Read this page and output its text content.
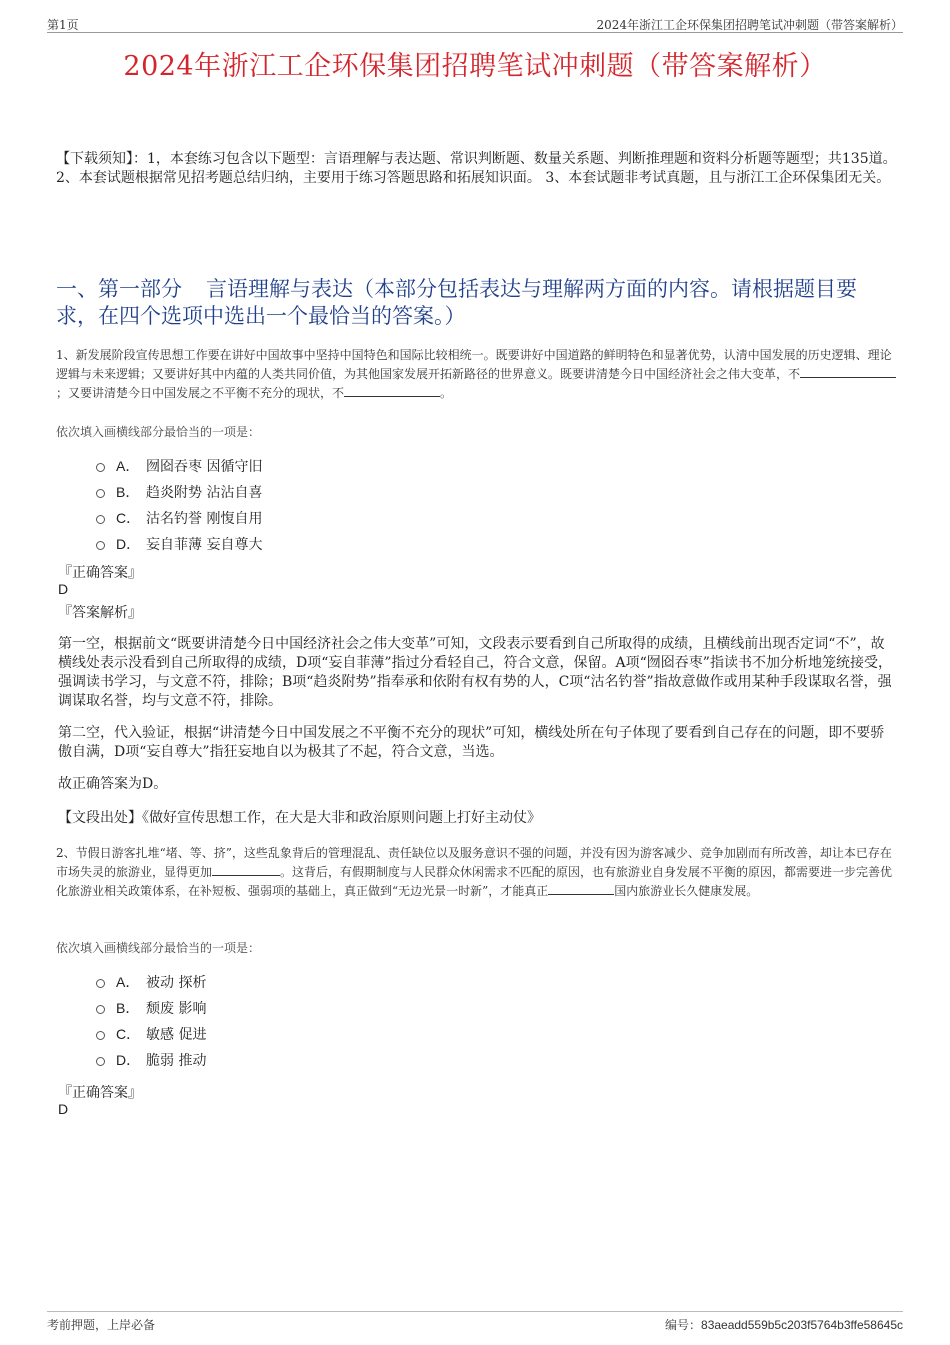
第1页	2024年浙江工企环保集团招聘笔试冲刺题（带答案解析）
2024年浙江工企环保集团招聘笔试冲刺题（带答案解析）
【下载须知】：1，本套练习包含以下题型：言语理解与表达题、常识判断题、数量关系题、判断推理题和资料分析题等题型；共135道。 2、本套试题根据常见招考题总结归纳，主要用于练习答题思路和拓展知识面。 3、本套试题非考试真题，且与浙江工企环保集团无关。
一、第一部分 言语理解与表达（本部分包括表达与理解两方面的内容。请根据题目要求，在四个选项中选出一个最恰当的答案。）
1、新发展阶段宣传思想工作要在讲好中国故事中坚持中国特色和国际比较相统一。既要讲好中国道路的鲜明特色和显著优势，认清中国发展的历史逻辑、理论逻辑与未来逻辑；又要讲好其中内蕴的人类共同价值，为其他国家发展开拓新路径的世界意义。既要讲清楚今日中国经济社会之伟大变革，不；又要讲清楚今日中国发展之不平衡不充分的现状，不	。
依次填入画横线部分最恰当的一项是：
A． 囫囵吞枣 因循守旧
B． 趋炎附势 沾沾自喜
C． 沽名钓誉 刚愎自用
D． 妄自菲薄 妄自尊大
『正确答案』
D
『答案解析』
第一空，根据前文“既要讲清楚今日中国经济社会之伟大变革”可知，文段表示要看到自己所取得的成绩，且横线前出现否定词“不”，故横线处表示没看到自己所取得的成绩，D项“妄自菲薄”指过分看轻自己，符合文意，保留。A项“囫囵吞枣”指读书不加分析地笼统接受，强调读书学习，与文意不符，排除；B项“趋炎附势”指奉承和依附有权有势的人，C项“沽名钓誉”指故意做作或用某种手段谋取名誉，强调谋取名誉，均与文意不符，排除。
第二空，代入验证，根据“讲清楚今日中国发展之不平衡不充分的现状”可知，横线处所在句子体现了要看到自己存在的问题，即不要骄傲自满，D项“妄自尊大”指狂妄地自以为极其了不起，符合文意，当选。
故正确答案为D。
【文段出处】《做好宣传思想工作，在大是大非和政治原则问题上打好主动仗》
2、节假日游客扎堆“堵、等、挤”，这些乱象背后的管理混乱、责任缺位以及服务意识不强的问题，并没有因为游客减少、竞争加剧而有所改善，却让本已存在市场失灵的旅游业，显得更加	。这背后，有假期制度与人民群众休闲需求不匹配的原因，也有旅游业自身发展不平衡的原因，都需要进一步完善优化旅游业相关政策体系，在补短板、强弱项的基础上，真正做到“无边光景一时新”，才能真正	国内旅游业长久健康发展。
依次填入画横线部分最恰当的一项是：
A． 被动 探析
B． 颓废 影响
C． 敏感 促进
D． 脆弱 推动
『正确答案』
D
考前押题，上岸必备	编号：83aeadd559b5c203f5764b3ffe58645c
